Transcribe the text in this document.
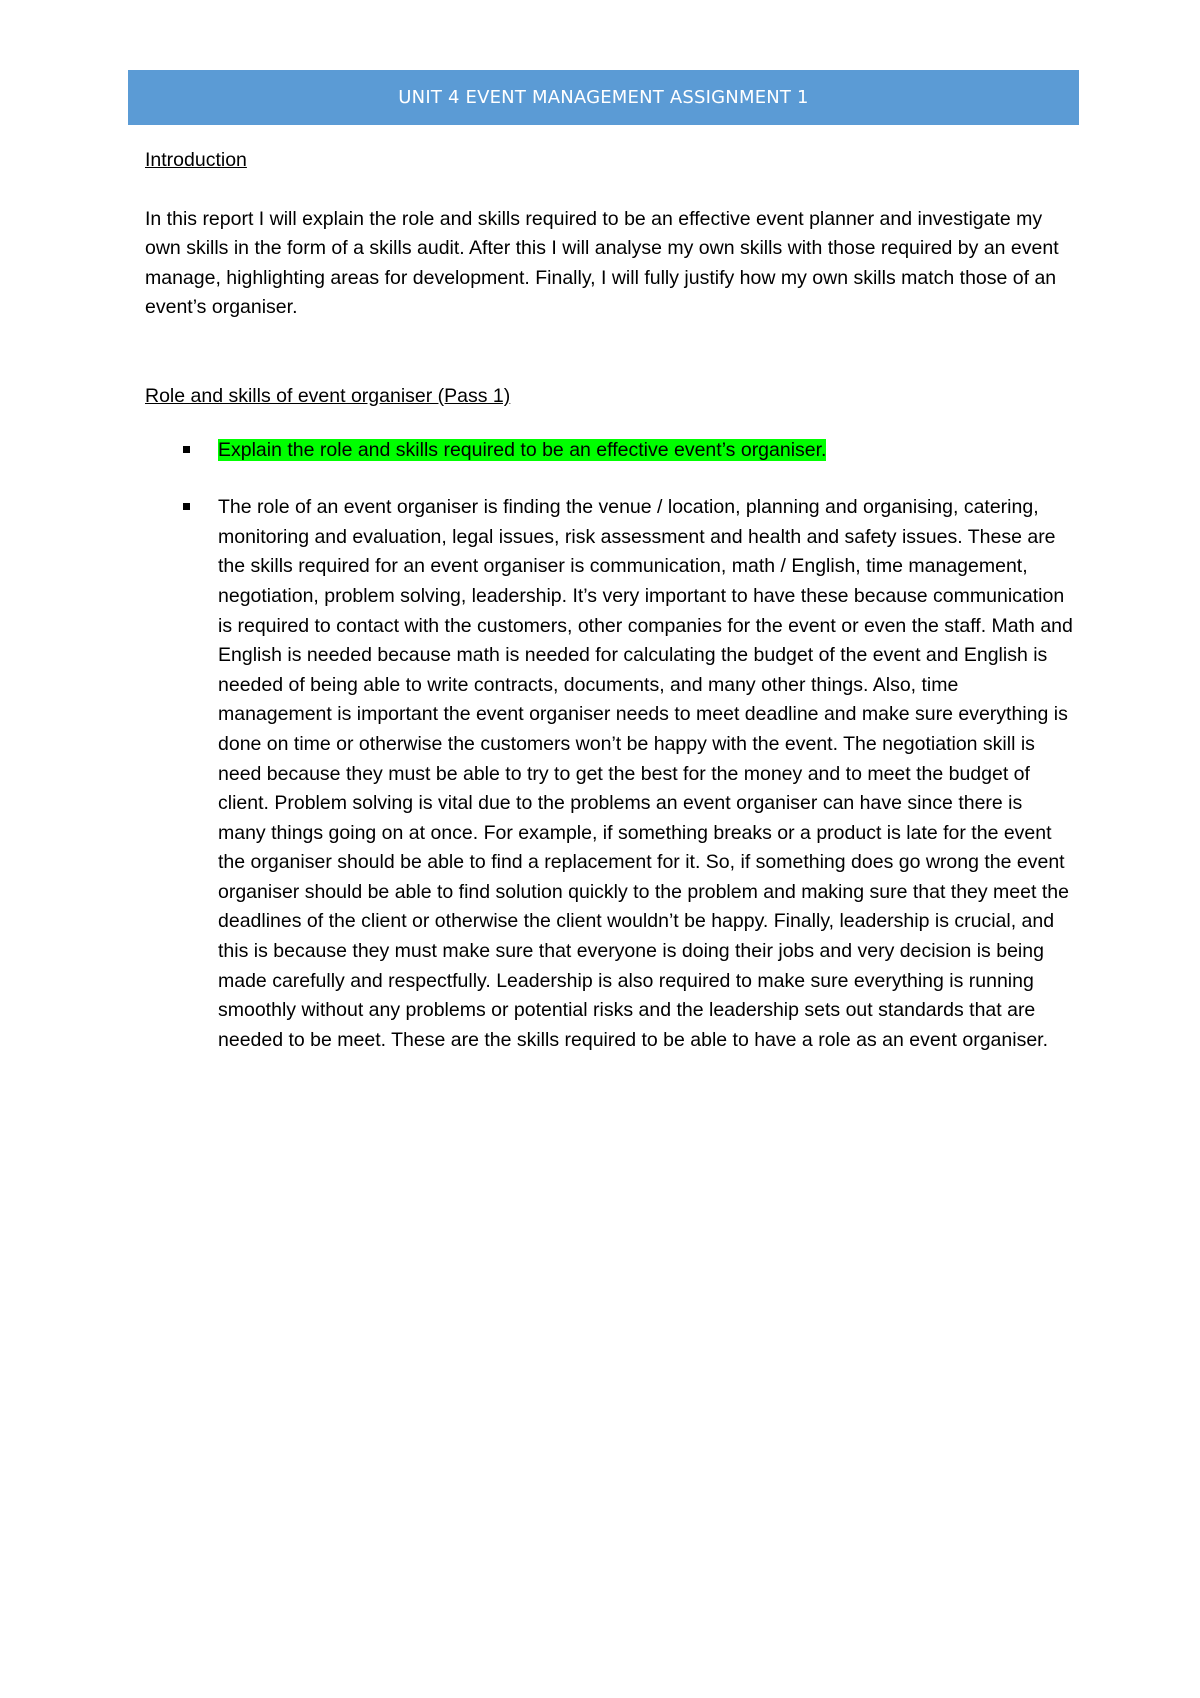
UNIT 4 EVENT MANAGEMENT ASSIGNMENT 1

Introduction

In this report I will explain the role and skills required to be an effective event planner and investigate my own skills in the form of a skills audit. After this I will analyse my own skills with those required by an event manage, highlighting areas for development. Finally, I will fully justify how my own skills match those of an event’s organiser.

Role and skills of event organiser (Pass 1)

Explain the role and skills required to be an effective event’s organiser.
The role of an event organiser is finding the venue / location, planning and organising, catering, monitoring and evaluation, legal issues, risk assessment and health and safety issues. These are the skills required for an event organiser is communication, math / English, time management, negotiation, problem solving, leadership. It’s very important to have these because communication is required to contact with the customers, other companies for the event or even the staff. Math and English is needed because math is needed for calculating the budget of the event and English is needed of being able to write contracts, documents, and many other things. Also, time management is important the event organiser needs to meet deadline and make sure everything is done on time or otherwise the customers won’t be happy with the event. The negotiation skill is need because they must be able to try to get the best for the money and to meet the budget of client. Problem solving is vital due to the problems an event organiser can have since there is many things going on at once. For example, if something breaks or a product is late for the event the organiser should be able to find a replacement for it. So, if something does go wrong the event organiser should be able to find solution quickly to the problem and making sure that they meet the deadlines of the client or otherwise the client wouldn’t be happy. Finally, leadership is crucial, and this is because they must make sure that everyone is doing their jobs and very decision is being made carefully and respectfully. Leadership is also required to make sure everything is running smoothly without any problems or potential risks and the leadership sets out standards that are needed to be meet. These are the skills required to be able to have a role as an event organiser.
